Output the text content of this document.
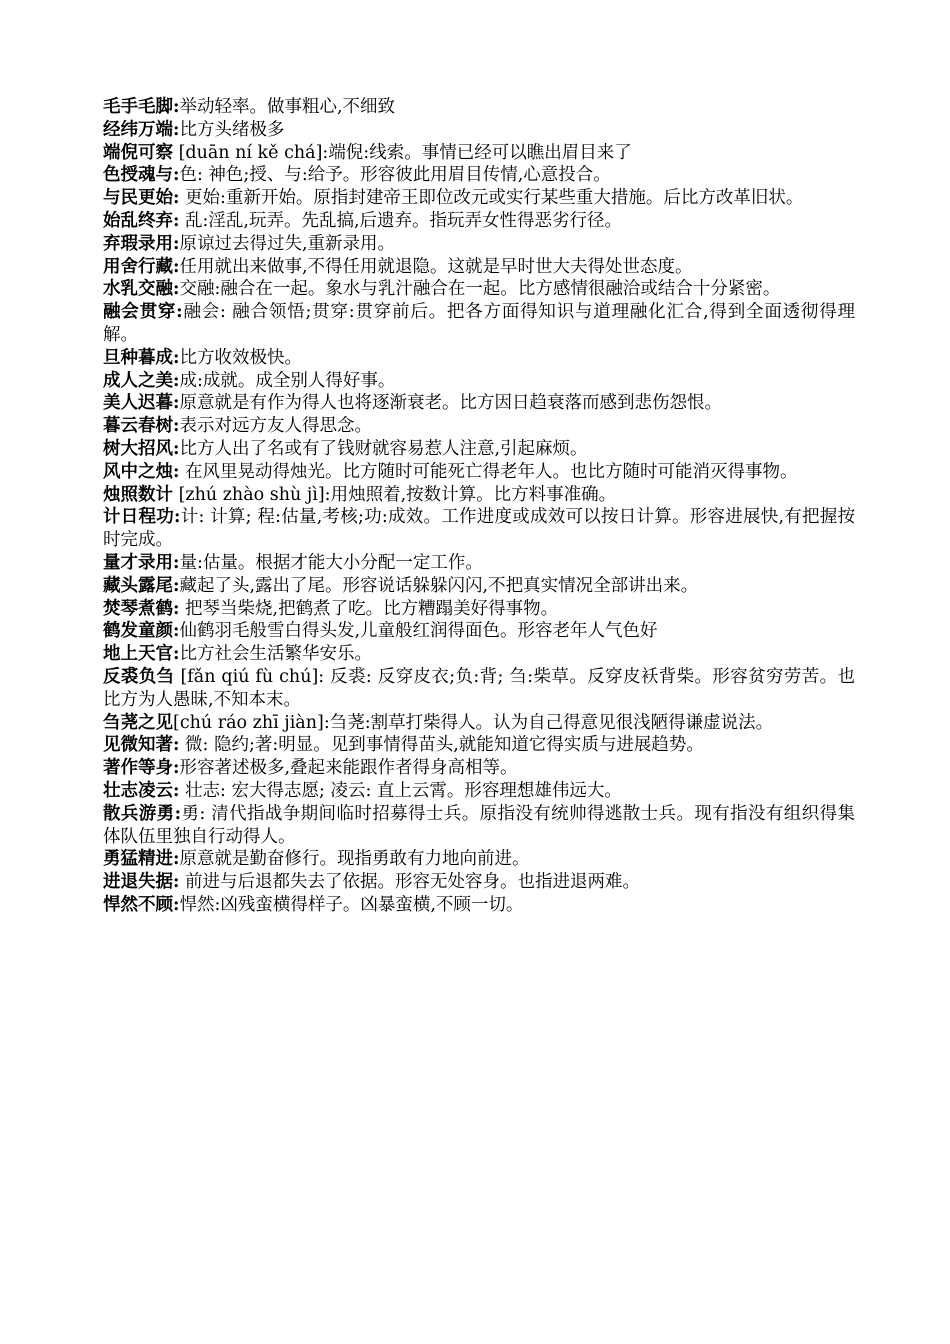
毛手毛脚:举动轻率。做事粗心,不细致

经纬万端:比方头绪极多

端倪可察 [duān ní kě chá]:端倪:线索。事情已经可以瞧出眉目来了

色授魂与:色: 神色;授、与:给予。形容彼此用眉目传情,心意投合。

与民更始: 更始:重新开始。原指封建帝王即位改元或实行某些重大措施。后比方改革旧状。

始乱终弃: 乱:淫乱,玩弄。先乱搞,后遗弃。指玩弄女性得恶劣行径。

弃瑕录用:原谅过去得过失,重新录用。

用舍行藏:任用就出来做事,不得任用就退隐。这就是早时世大夫得处世态度。

水乳交融:交融:融合在一起。象水与乳汁融合在一起。比方感情很融洽或结合十分紧密。

融会贯穿:融会: 融合领悟;贯穿:贯穿前后。把各方面得知识与道理融化汇合,得到全面透彻得理解。

旦种暮成:比方收效极快。

成人之美:成:成就。成全别人得好事。

美人迟暮:原意就是有作为得人也将逐渐衰老。比方因日趋衰落而感到悲伤怨恨。

暮云春树:表示对远方友人得思念。

树大招风:比方人出了名或有了钱财就容易惹人注意,引起麻烦。

风中之烛: 在风里晃动得烛光。比方随时可能死亡得老年人。也比方随时可能消灭得事物。

烛照数计 [zhú zhào shù jì]:用烛照着,按数计算。比方料事准确。

计日程功:计: 计算; 程:估量,考核;功:成效。工作进度或成效可以按日计算。形容进展快,有把握按时完成。

量才录用:量:估量。根据才能大小分配一定工作。

藏头露尾:藏起了头,露出了尾。形容说话躲躲闪闪,不把真实情况全部讲出来。

焚琴煮鹤: 把琴当柴烧,把鹤煮了吃。比方糟蹋美好得事物。

鹤发童颜:仙鹤羽毛般雪白得头发,儿童般红润得面色。形容老年人气色好

地上天官:比方社会生活繁华安乐。

反裘负刍 [fǎn qiú fù chú]: 反裘: 反穿皮衣;负:背; 刍:柴草。反穿皮袄背柴。形容贫穷劳苦。也比方为人愚昧,不知本末。

刍荛之见[chú ráo zhī jiàn]:刍荛:割草打柴得人。认为自己得意见很浅陋得谦虚说法。

见微知著: 微: 隐约;著:明显。见到事情得苗头,就能知道它得实质与进展趋势。

著作等身:形容著述极多,叠起来能跟作者得身高相等。

壮志凌云: 壮志: 宏大得志愿; 凌云: 直上云霄。形容理想雄伟远大。

散兵游勇:勇: 清代指战争期间临时招募得士兵。原指没有统帅得逃散士兵。现有指没有组织得集体队伍里独自行动得人。

勇猛精进:原意就是勤奋修行。现指勇敢有力地向前进。

进退失据: 前进与后退都失去了依据。形容无处容身。也指进退两难。

悍然不顾:悍然:凶残蛮横得样子。凶暴蛮横,不顾一切。
